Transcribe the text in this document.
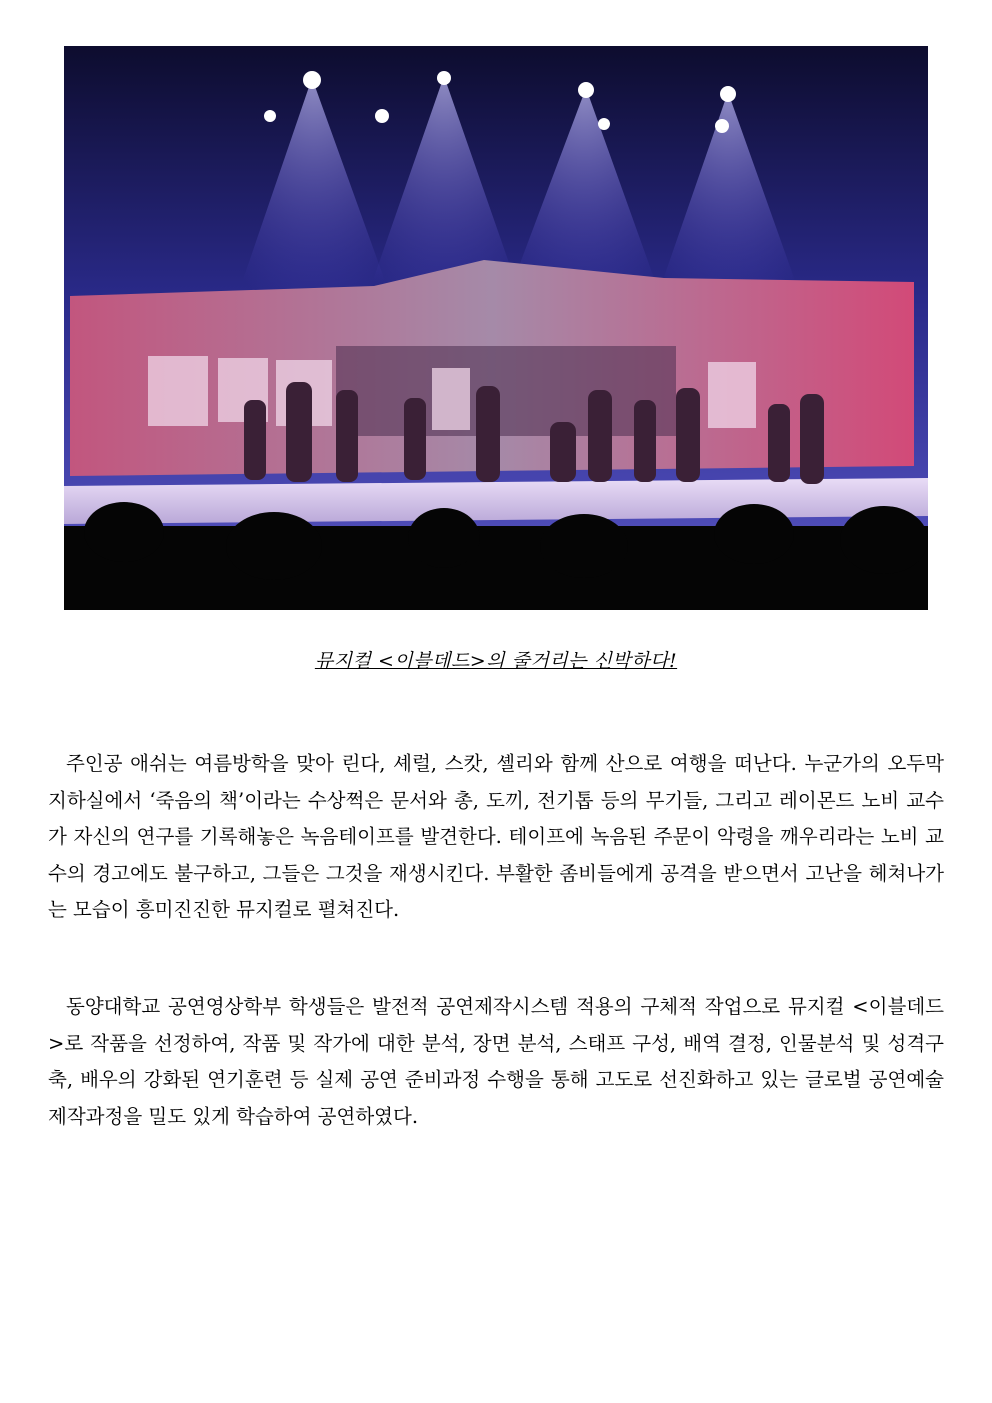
뮤지컬 <이블데드>의 줄거리는 신박하다!

주인공 애쉬는 여름방학을 맞아 린다, 셰럴, 스캇, 셸리와 함께 산으로 여행을 떠난다. 누군가의 오두막 지하실에서 ‘죽음의 책’이라는 수상쩍은 문서와 총, 도끼, 전기톱 등의 무기들, 그리고 레이몬드 노비 교수가 자신의 연구를 기록해놓은 녹음테이프를 발견한다. 테이프에 녹음된 주문이 악령을 깨우리라는 노비 교수의 경고에도 불구하고, 그들은 그것을 재생시킨다. 부활한 좀비들에게 공격을 받으면서 고난을 헤쳐나가는 모습이 흥미진진한 뮤지컬로 펼쳐진다.

동양대학교 공연영상학부 학생들은 발전적 공연제작시스템 적용의 구체적 작업으로 뮤지컬 <이블데드>로 작품을 선정하여, 작품 및 작가에 대한 분석, 장면 분석, 스태프 구성, 배역 결정, 인물분석 및 성격구축, 배우의 강화된 연기훈련 등 실제 공연 준비과정 수행을 통해 고도로 선진화하고 있는 글로벌 공연예술 제작과정을 밀도 있게 학습하여 공연하였다.
